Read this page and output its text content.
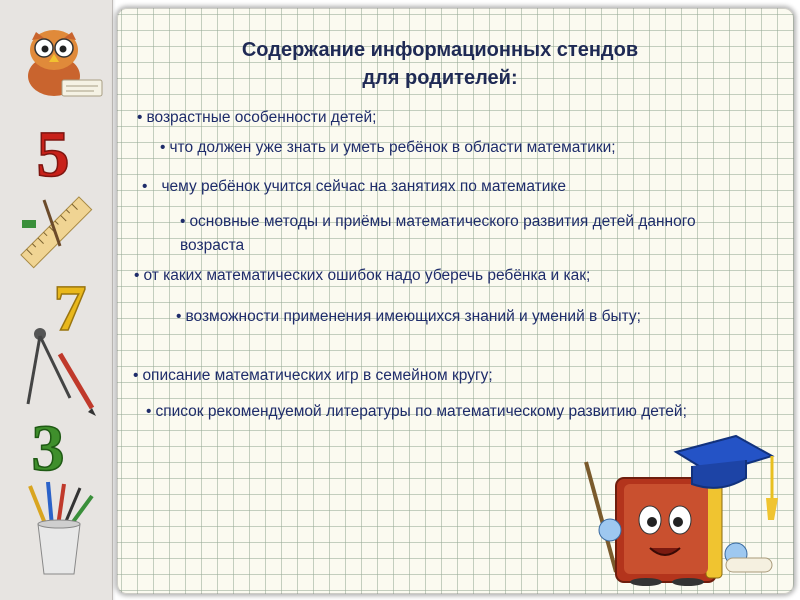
5
7
3
Содержание информационных стендов
для родителей:
• возрастные особенности детей;
• что должен уже знать и уметь ребёнок в области математики;
• чему ребёнок учится сейчас на занятиях по математике
• основные методы и приёмы математического развития детей данного возраста
• от каких математических ошибок надо уберечь ребёнка и как;
• возможности применения имеющихся знаний и умений в быту;
• описание математических игр в семейном кругу;
• список рекомендуемой литературы по математическому развитию детей;
